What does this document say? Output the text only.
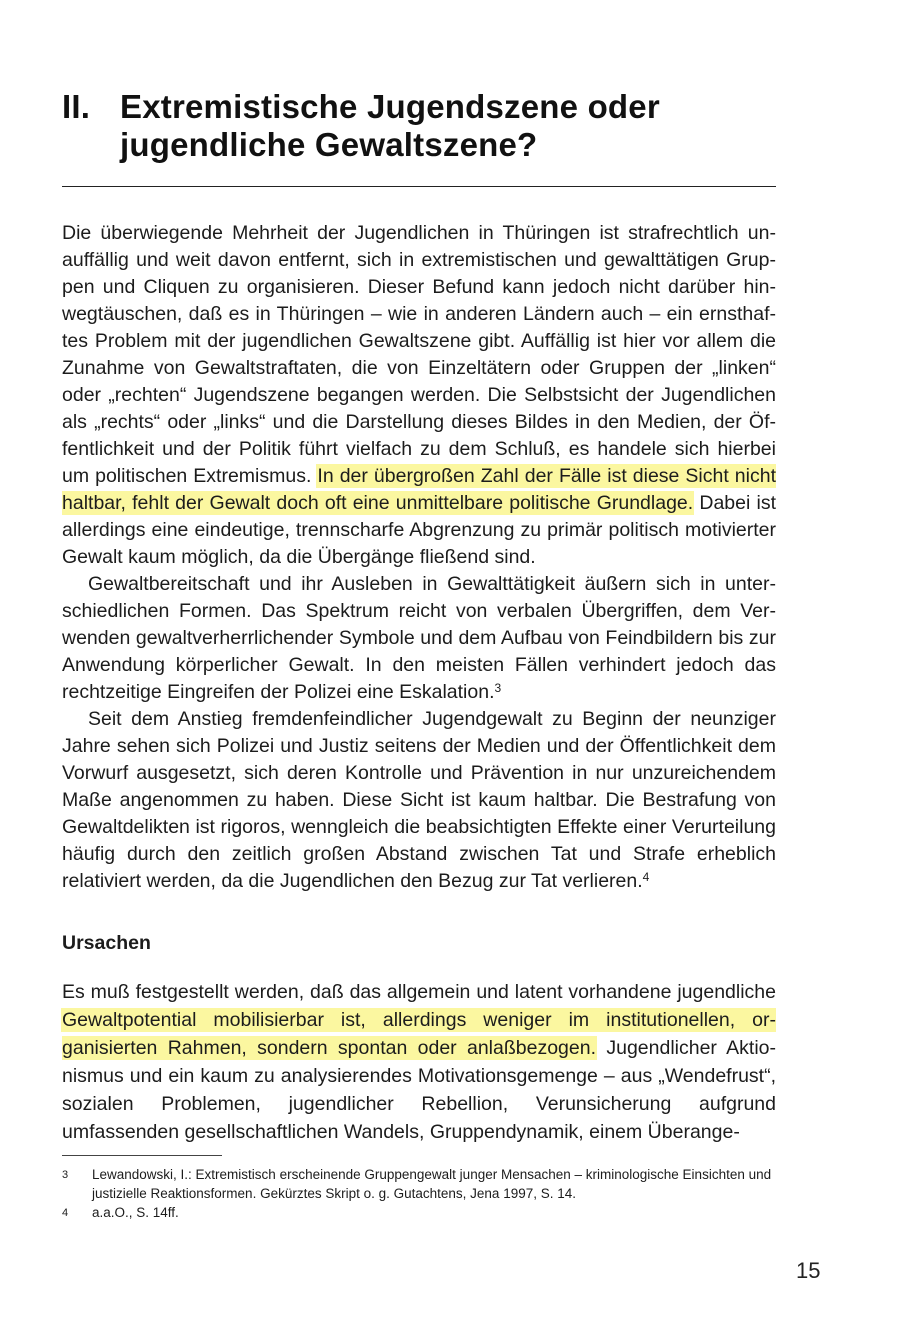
II. Extremistische Jugendszene oder
jugendliche Gewaltszene?

Die überwiegende Mehrheit der Jugendlichen in Thüringen ist strafrechtlich unauffällig und weit davon entfernt, sich in extremistischen und gewalttätigen Gruppen und Cliquen zu organisieren. Dieser Befund kann jedoch nicht darüber hinwegtäuschen, daß es in Thüringen – wie in anderen Ländern auch – ein ernsthaftes Problem mit der jugendlichen Gewaltszene gibt. Auffällig ist hier vor allem die Zunahme von Gewaltstraftaten, die von Einzeltätern oder Gruppen der „linken“ oder „rechten“ Jugendszene begangen werden. Die Selbstsicht der Jugendlichen als „rechts“ oder „links“ und die Darstellung dieses Bildes in den Medien, der Öffentlichkeit und der Politik führt vielfach zu dem Schluß, es handele sich hierbei um politischen Extremismus. In der übergroßen Zahl der Fälle ist diese Sicht nicht haltbar, fehlt der Gewalt doch oft eine unmittelbare politische Grundlage. Dabei ist allerdings eine eindeutige, trennscharfe Abgrenzung zu primär politisch motivierter Gewalt kaum möglich, da die Übergänge fließend sind.

Gewaltbereitschaft und ihr Ausleben in Gewalttätigkeit äußern sich in unterschiedlichen Formen. Das Spektrum reicht von verbalen Übergriffen, dem Verwenden gewaltverherrlichender Symbole und dem Aufbau von Feindbildern bis zur Anwendung körperlicher Gewalt. In den meisten Fällen verhindert jedoch das rechtzeitige Eingreifen der Polizei eine Eskalation.$^3$

Seit dem Anstieg fremdenfeindlicher Jugendgewalt zu Beginn der neunziger Jahre sehen sich Polizei und Justiz seitens der Medien und der Öffentlichkeit dem Vorwurf ausgesetzt, sich deren Kontrolle und Prävention in nur unzureichendem Maße angenommen zu haben. Diese Sicht ist kaum haltbar. Die Bestrafung von Gewaltdelikten ist rigoros, wenngleich die beabsichtigten Effekte einer Verurteilung häufig durch den zeitlich großen Abstand zwischen Tat und Strafe erheblich relativiert werden, da die Jugendlichen den Bezug zur Tat verlieren.$^4$

Ursachen

Es muß festgestellt werden, daß das allgemein und latent vorhandene jugendliche Gewaltpotential mobilisierbar ist, allerdings weniger im institutionellen, organisierten Rahmen, sondern spontan oder anlaßbezogen. Jugendlicher Aktionismus und ein kaum zu analysierendes Motivationsgemenge – aus „Wendefrust“, sozialen Problemen, jugendlicher Rebellion, Verunsicherung aufgrund umfassenden gesellschaftlichen Wandels, Gruppendynamik, einem Überange-

3	Lewandowski, I.: Extremistisch erscheinende Gruppengewalt junger Mensachen – kriminologische Einsichten und justizielle Reaktionsformen. Gekürztes Skript o. g. Gutachtens, Jena 1997, S. 14.
4	a.a.O., S. 14ff.
15
